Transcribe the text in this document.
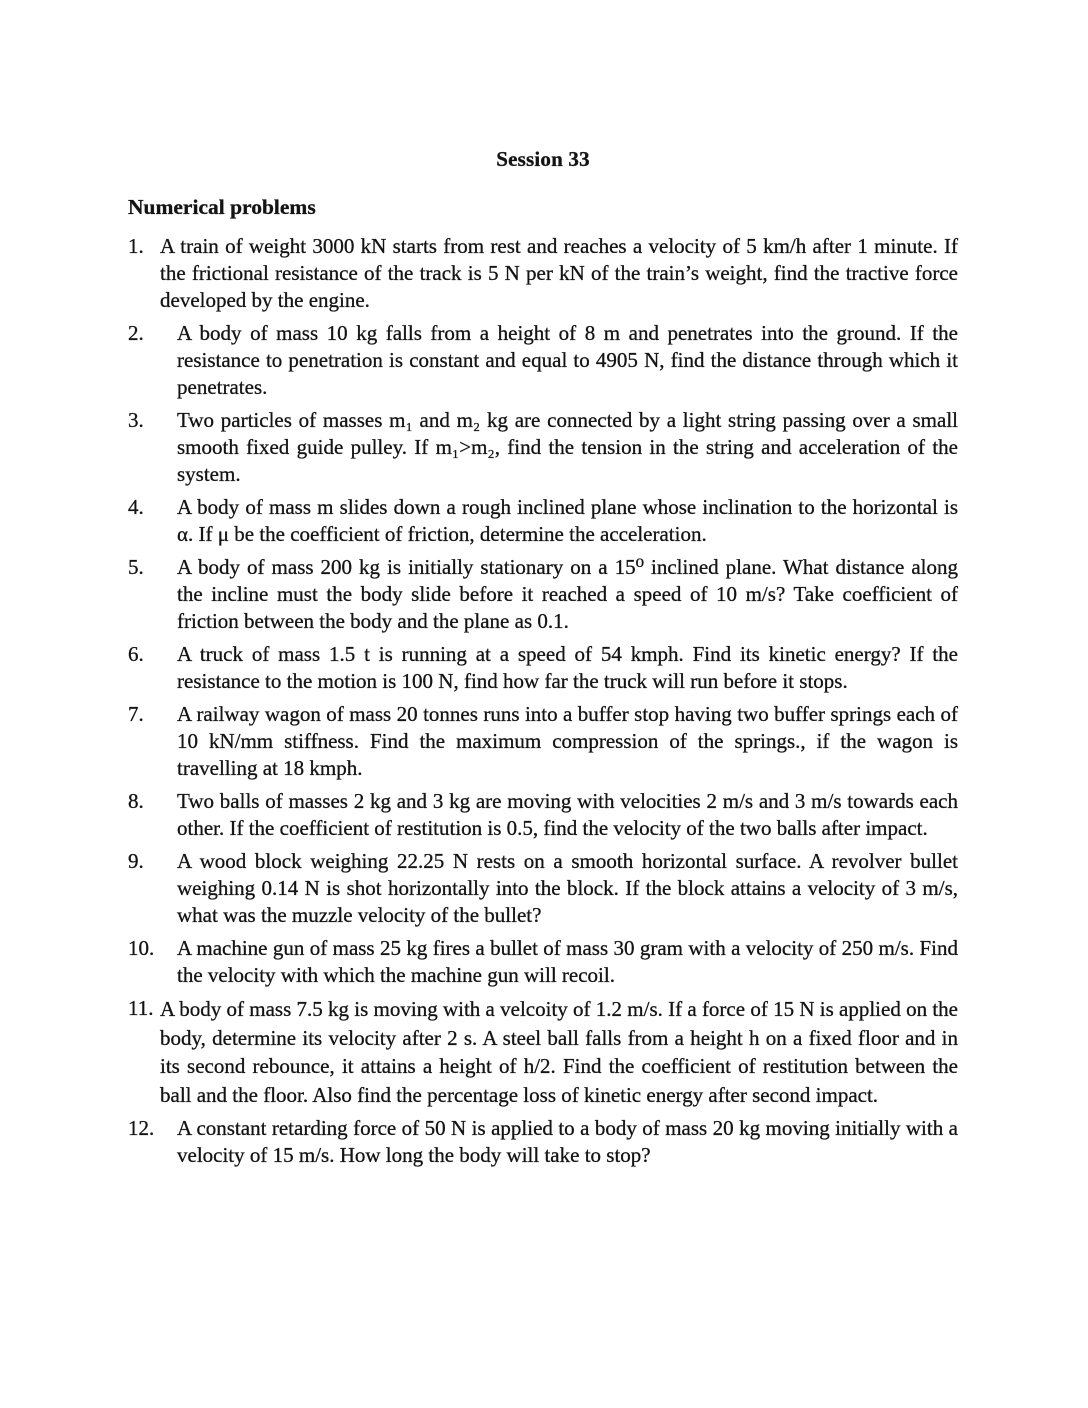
Session 33
Numerical problems
1. A train of weight 3000 kN starts from rest and reaches a velocity of 5 km/h after 1 minute. If the frictional resistance of the track is 5 N per kN of the train’s weight, find the tractive force developed by the engine.
2.	A body of mass 10 kg falls from a height of 8 m and penetrates into the ground. If the resistance to penetration is constant and equal to 4905 N, find the distance through which it penetrates.
3.	Two particles of masses m₁ and m₂ kg are connected by a light string passing over a small smooth fixed guide pulley. If m₁>m₂, find the tension in the string and acceleration of the system.
4.	A body of mass m slides down a rough inclined plane whose inclination to the horizontal is α. If μ be the coefficient of friction, determine the acceleration.
5.	A body of mass 200 kg is initially stationary on a 15⁰ inclined plane. What distance along the incline must the body slide before it reached a speed of 10 m/s? Take coefficient of friction between the body and the plane as 0.1.
6.	A truck of mass 1.5 t is running at a speed of 54 kmph. Find its kinetic energy? If the resistance to the motion is 100 N, find how far the truck will run before it stops.
7.	A railway wagon of mass 20 tonnes runs into a buffer stop having two buffer springs each of 10 kN/mm stiffness. Find the maximum compression of the springs., if the wagon is travelling at 18 kmph.
8.	Two balls of masses 2 kg and 3 kg are moving with velocities 2 m/s and 3 m/s towards each other. If the coefficient of restitution is 0.5, find the velocity of the two balls after impact.
9.	A wood block weighing 22.25 N rests on a smooth horizontal surface. A revolver bullet weighing 0.14 N is shot horizontally into the block. If the block attains a velocity of 3 m/s, what was the muzzle velocity of the bullet?
10.	A machine gun of mass 25 kg fires a bullet of mass 30 gram with a velocity of 250 m/s. Find the velocity with which the machine gun will recoil.
11. A body of mass 7.5 kg is moving with a velcoity of 1.2 m/s. If a force of 15 N is applied on the body, determine its velocity after 2 s. A steel ball falls from a height h on a fixed floor and in its second rebounce, it attains a height of h/2. Find the coefficient of restitution between the ball and the floor. Also find the percentage loss of kinetic energy after second impact.
12.	A constant retarding force of 50 N is applied to a body of mass 20 kg moving initially with a velocity of 15 m/s. How long the body will take to stop?
